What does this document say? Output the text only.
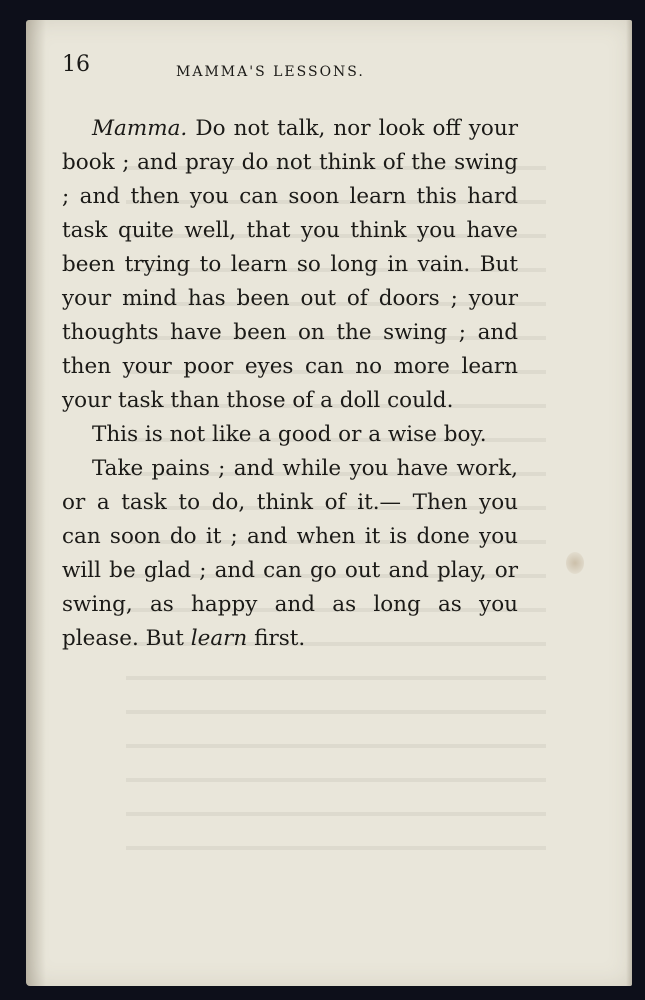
16	MAMMA'S LESSONS.

Mamma. Do not talk, nor look off your book ; and pray do not think of the swing ; and then you can soon learn this hard task quite well, that you think you have been trying to learn so long in vain. But your mind has been out of doors ; your thoughts have been on the swing ; and then your poor eyes can no more learn your task than those of a doll could.

This is not like a good or a wise boy.

Take pains ; and while you have work, or a task to do, think of it.— Then you can soon do it ; and when it is done you will be glad ; and can go out and play, or swing, as happy and as long as you please. But learn first.
